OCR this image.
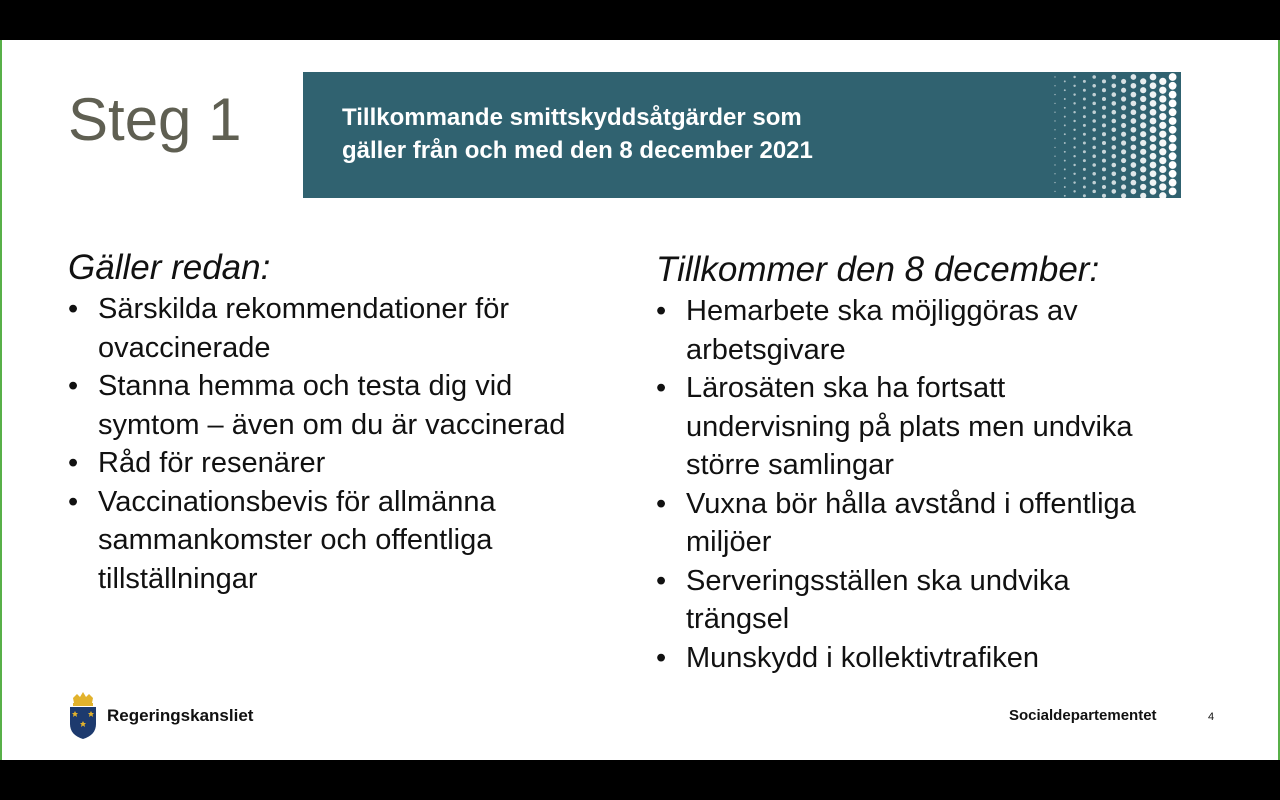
Steg 1	Tillkommande smittskyddsåtgärder som
gäller från och med den 8 december 2021
Gäller redan:
• Särskilda rekommendationer för
ovaccinerade
• Stanna hemma och testa dig vid
symtom – även om du är vaccinerad
• Råd för resenärer
• Vaccinationsbevis för allmänna
sammankomster och offentliga
tillställningar
Tillkommer den 8 december:
• Hemarbete ska möjliggöras av
arbetsgivare
• Lärosäten ska ha fortsatt
undervisning på plats men undvika
större samlingar
• Vuxna bör hålla avstånd i offentliga
miljöer
• Serveringsställen ska undvika
trängsel
• Munskydd i kollektivtrafiken
Regeringskansliet	Socialdepartementet	4
